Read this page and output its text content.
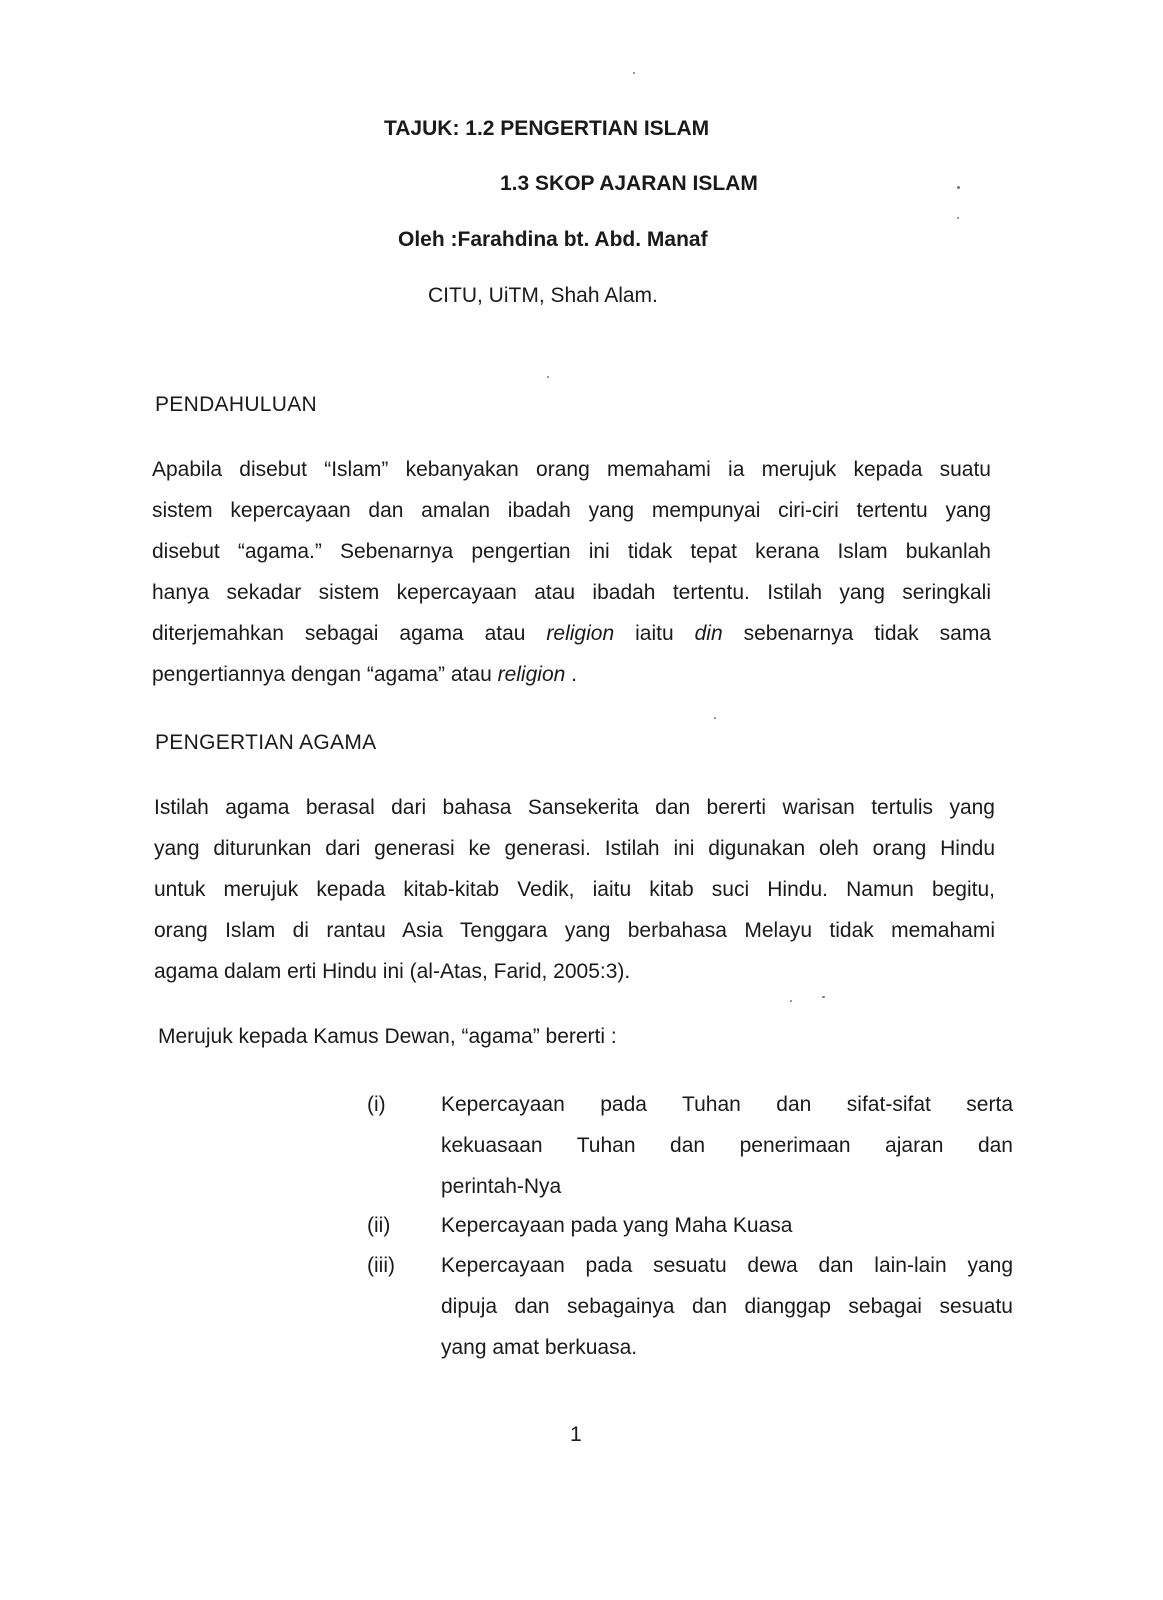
TAJUK: 1.2 PENGERTIAN ISLAM
1.3 SKOP AJARAN ISLAM
Oleh :Farahdina bt. Abd. Manaf
CITU, UiTM, Shah Alam.
PENDAHULUAN
Apabila disebut “Islam” kebanyakan orang memahami ia merujuk kepada suatu
sistem kepercayaan dan amalan ibadah yang mempunyai ciri-ciri tertentu yang
disebut “agama.” Sebenarnya pengertian ini tidak tepat kerana Islam bukanlah
hanya sekadar sistem kepercayaan atau ibadah tertentu. Istilah yang seringkali
diterjemahkan sebagai agama atau religion iaitu din sebenarnya tidak sama
pengertiannya dengan “agama” atau religion .
PENGERTIAN AGAMA
Istilah agama berasal dari bahasa Sansekerita dan bererti warisan tertulis yang
yang diturunkan dari generasi ke generasi. Istilah ini digunakan oleh orang Hindu
untuk merujuk kepada kitab-kitab Vedik, iaitu kitab suci Hindu. Namun begitu,
orang Islam di rantau Asia Tenggara yang berbahasa Melayu tidak memahami
agama dalam erti Hindu ini (al-Atas, Farid, 2005:3).
Merujuk kepada Kamus Dewan, “agama” bererti :
(i)	Kepercayaan pada Tuhan dan sifat-sifat serta
kekuasaan Tuhan dan penerimaan ajaran dan
perintah-Nya
(ii) Kepercayaan pada yang Maha Kuasa
(iii) Kepercayaan pada sesuatu dewa dan lain-lain yang
dipuja dan sebagainya dan dianggap sebagai sesuatu
yang amat berkuasa.
1
